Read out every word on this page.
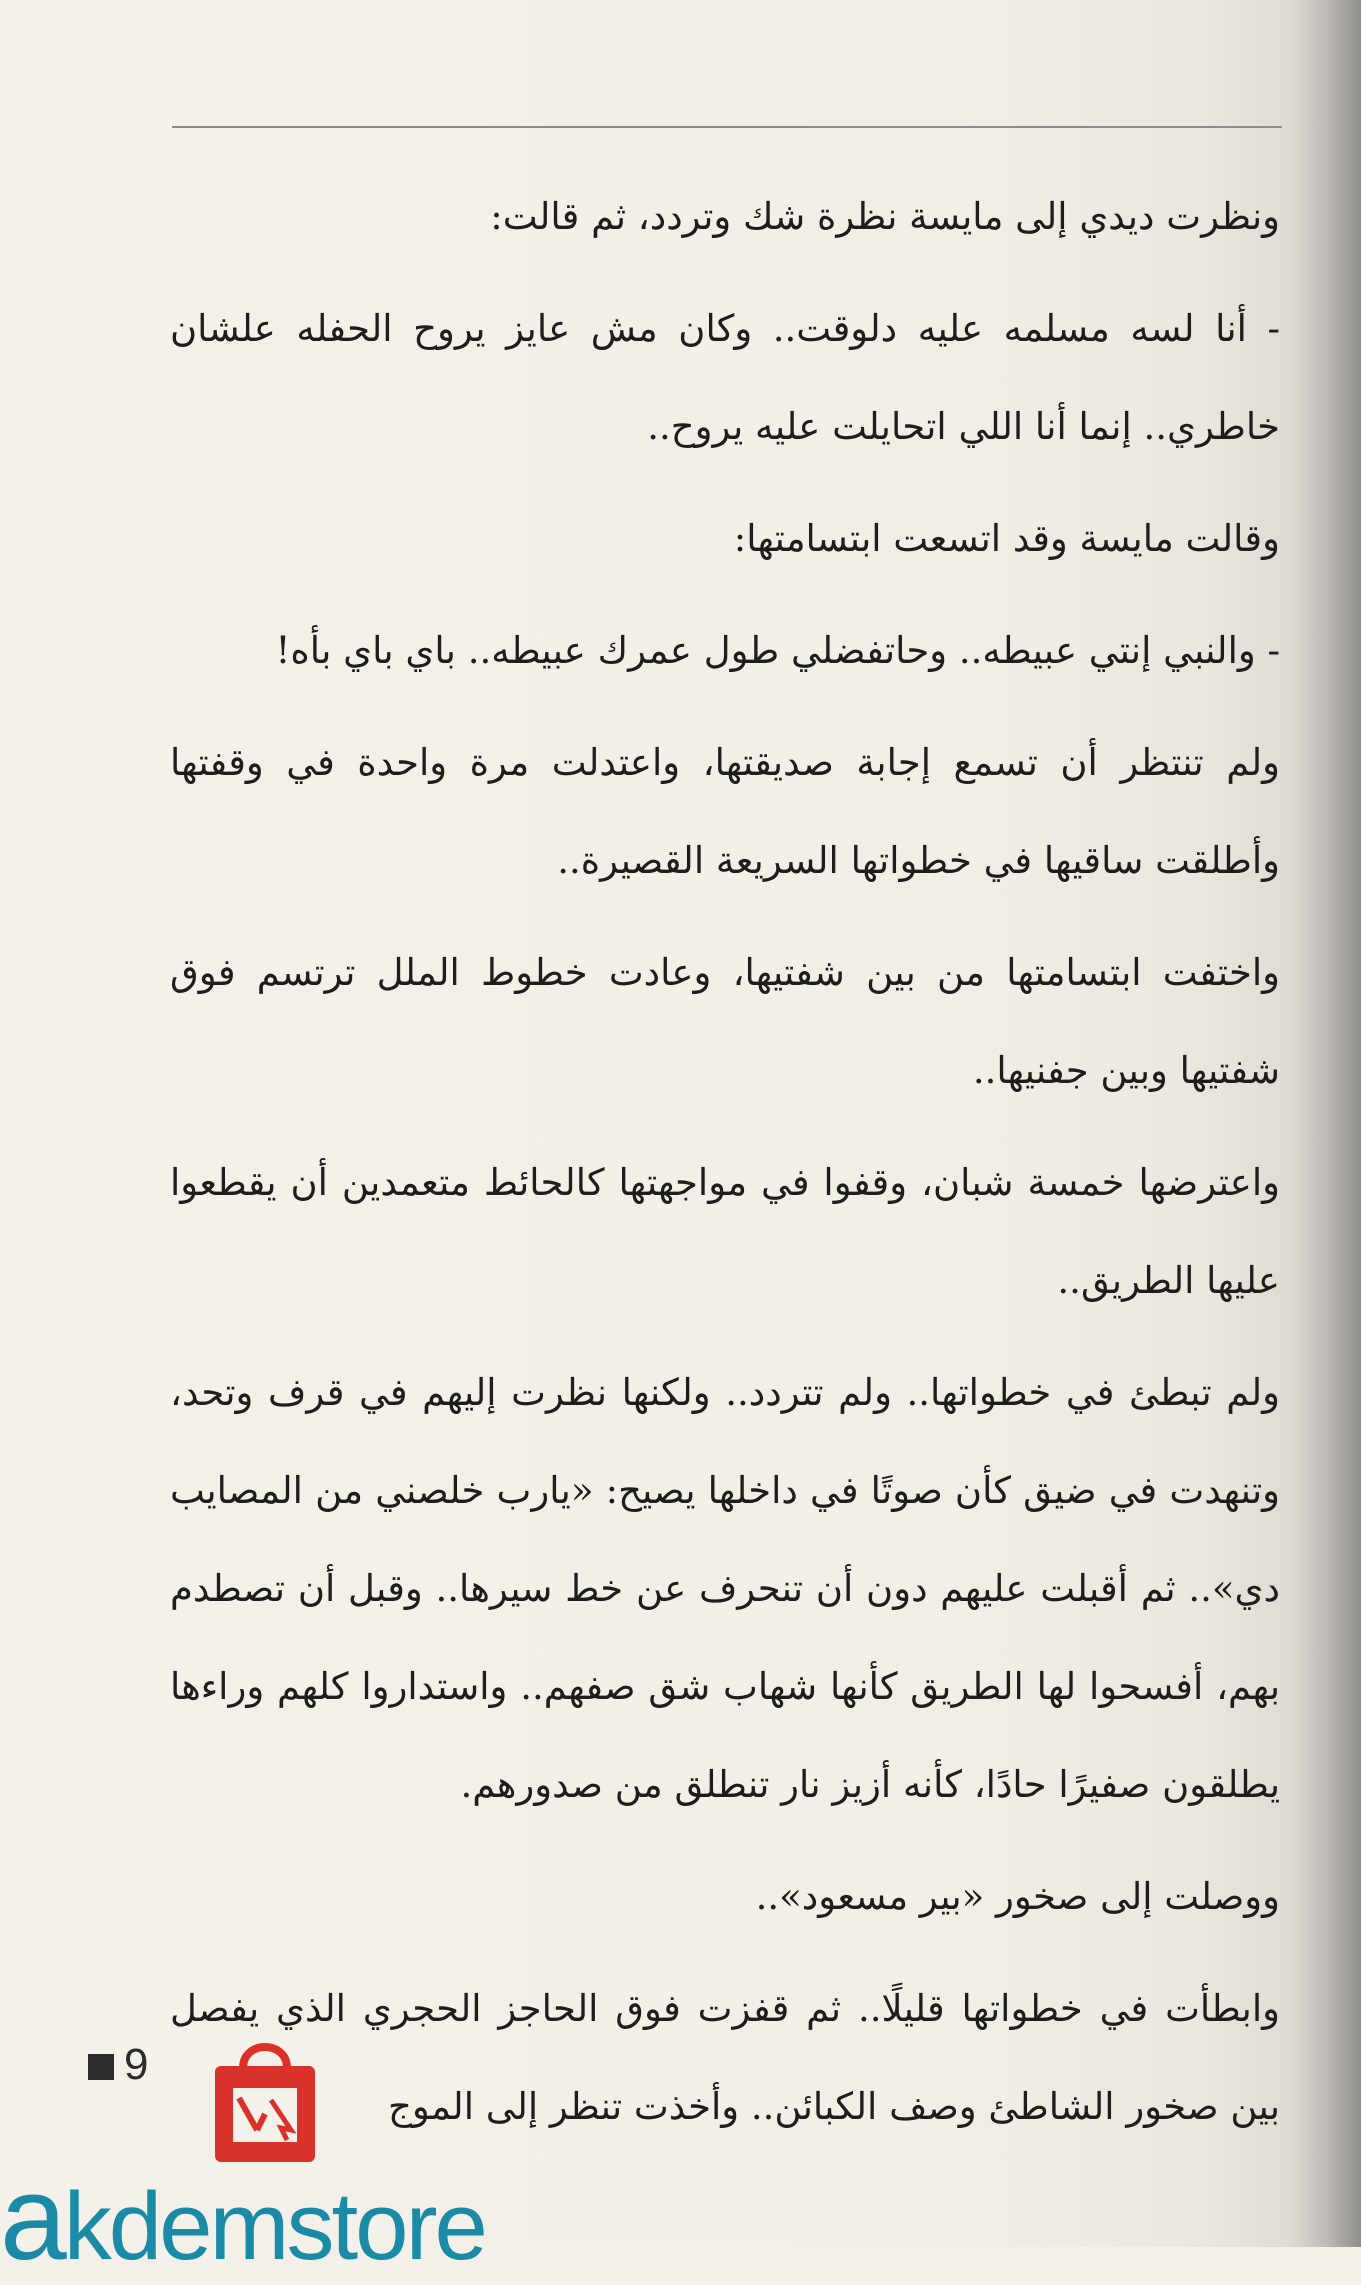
ونظرت ديدي إلى مايسة نظرة شك وتردد، ثم قالت:

- أنا لسه مسلمه عليه دلوقت.. وكان مش عايز يروح الحفله علشان خاطري.. إنما أنا اللي اتحايلت عليه يروح..

وقالت مايسة وقد اتسعت ابتسامتها:

- والنبي إنتي عبيطه.. وحاتفضلي طول عمرك عبيطه.. باي باي بأه!

ولم تنتظر أن تسمع إجابة صديقتها، واعتدلت مرة واحدة في وقفتها وأطلقت ساقيها في خطواتها السريعة القصيرة..

واختفت ابتسامتها من بين شفتيها، وعادت خطوط الملل ترتسم فوق شفتيها وبين جفنيها..

واعترضها خمسة شبان، وقفوا في مواجهتها كالحائط متعمدين أن يقطعوا عليها الطريق..

ولم تبطئ في خطواتها.. ولم تتردد.. ولكنها نظرت إليهم في قرف وتحد، وتنهدت في ضيق كأن صوتًا في داخلها يصيح: «يارب خلصني من المصايب دي».. ثم أقبلت عليهم دون أن تنحرف عن خط سيرها.. وقبل أن تصطدم بهم، أفسحوا لها الطريق كأنها شهاب شق صفهم.. واستداروا كلهم وراءها يطلقون صفيرًا حادًا، كأنه أزيز نار تنطلق من صدورهم.

ووصلت إلى صخور «بير مسعود»..

وابطأت في خطواتها قليلًا.. ثم قفزت فوق الحاجز الحجري الذي يفصل بين صخور الشاطئ وصف الكبائن.. وأخذت تنظر إلى الموج

9
akdemstore
